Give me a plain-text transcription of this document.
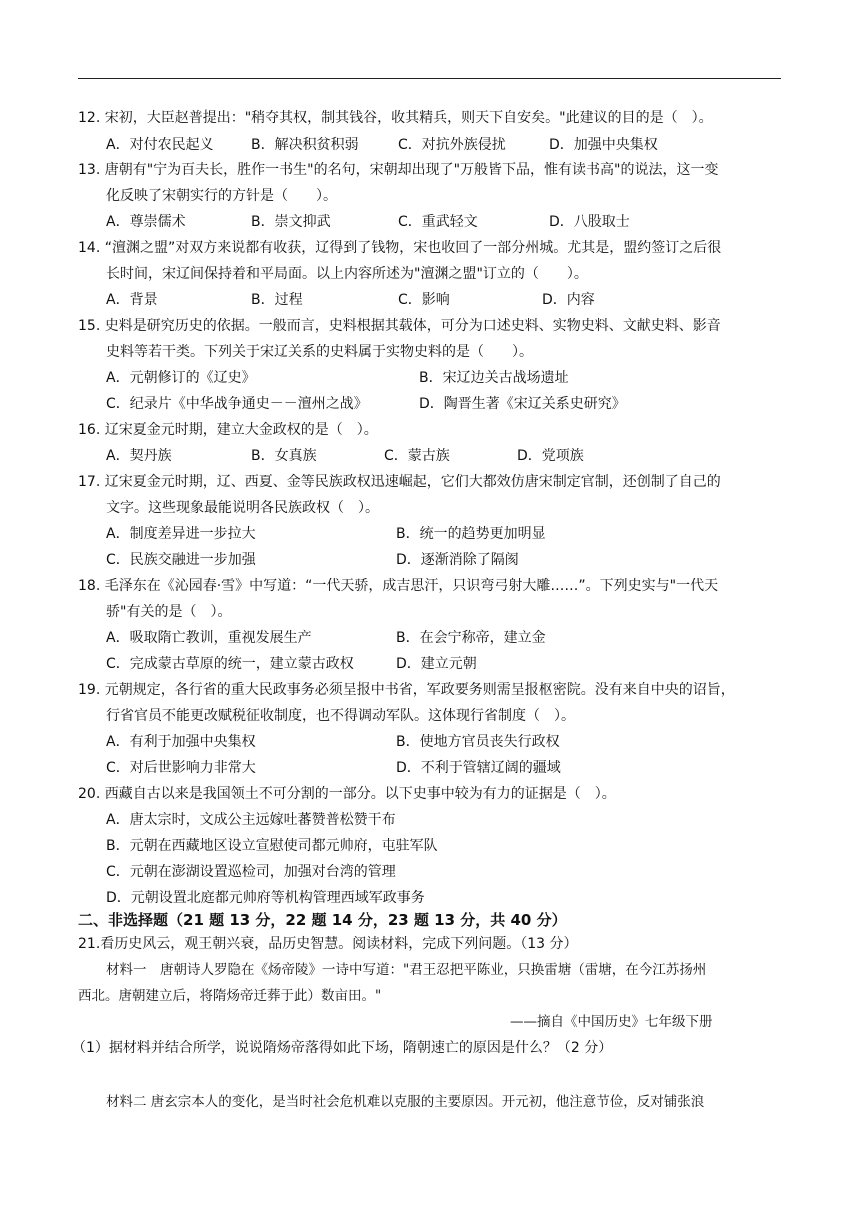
12. 宋初，大臣赵普提出："稍夺其权，制其钱谷，收其精兵，则天下自安矣。"此建议的目的是（　）。
A．对付农民起义	B．解决积贫积弱	C．对抗外族侵扰	D．加强中央集权
13. 唐朝有"宁为百夫长，胜作一书生"的名句，宋朝却出现了"万般皆下品，惟有读书高"的说法，这一变
化反映了宋朝实行的方针是（　　）。
A．尊崇儒术	B．崇文抑武	C．重武轻文	D．八股取士
14. “澶渊之盟”对双方来说都有收获，辽得到了钱物，宋也收回了一部分州城。尤其是，盟约签订之后很
长时间，宋辽间保持着和平局面。以上内容所述为"澶渊之盟"订立的（　　）。
A．背景	B．过程	C．影响	D．内容
15. 史料是研究历史的依据。一般而言，史料根据其载体，可分为口述史料、实物史料、文献史料、影音
史料等若干类。下列关于宋辽关系的史料属于实物史料的是（　　）。
A．元朝修订的《辽史》	B．宋辽边关古战场遗址
C．纪录片《中华战争通史－－澶州之战》	D．陶晋生著《宋辽关系史研究》
16. 辽宋夏金元时期，建立大金政权的是（　）。
A．契丹族	B．女真族	C．蒙古族	D．党项族
17. 辽宋夏金元时期，辽、西夏、金等民族政权迅速崛起，它们大都效仿唐宋制定官制，还创制了自己的
文字。这些现象最能说明各民族政权（　）。
A．制度差异进一步拉大	B．统一的趋势更加明显
C．民族交融进一步加强	D．逐渐消除了隔阂
18. 毛泽东在《沁园春·雪》中写道：“一代天骄，成吉思汗，只识弯弓射大雕……”。下列史实与"一代天
骄"有关的是（　）。
A．吸取隋亡教训，重视发展生产	B．在会宁称帝，建立金
C．完成蒙古草原的统一，建立蒙古政权	D．建立元朝
19. 元朝规定，各行省的重大民政事务必须呈报中书省，军政要务则需呈报枢密院。没有来自中央的诏旨，
行省官员不能更改赋税征收制度，也不得调动军队。这体现行省制度（　）。
A．有利于加强中央集权	B．使地方官员丧失行政权
C．对后世影响力非常大	D．不利于管辖辽阔的疆域
20. 西藏自古以来是我国领土不可分割的一部分。以下史事中较为有力的证据是（　）。
A．唐太宗时，文成公主远嫁吐蕃赞普松赞干布
B．元朝在西藏地区设立宣慰使司都元帅府，屯驻军队
C．元朝在澎湖设置巡检司，加强对台湾的管理
D．元朝设置北庭都元帅府等机构管理西域军政事务
二、非选择题（21 题 13 分，22 题 14 分，23 题 13 分，共 40 分）
21.看历史风云，观王朝兴衰，品历史智慧。阅读材料，完成下列问题。（13 分）
材料一　唐朝诗人罗隐在《炀帝陵》一诗中写道："君王忍把平陈业，只换雷塘（雷塘，在今江苏扬州
西北。唐朝建立后，将隋炀帝迁葬于此）数亩田。"
——摘自《中国历史》七年级下册
（1）据材料并结合所学，说说隋炀帝落得如此下场，隋朝速亡的原因是什么？（2 分）
材料二 唐玄宗本人的变化，是当时社会危机难以克服的主要原因。开元初，他注意节俭，反对铺张浪
